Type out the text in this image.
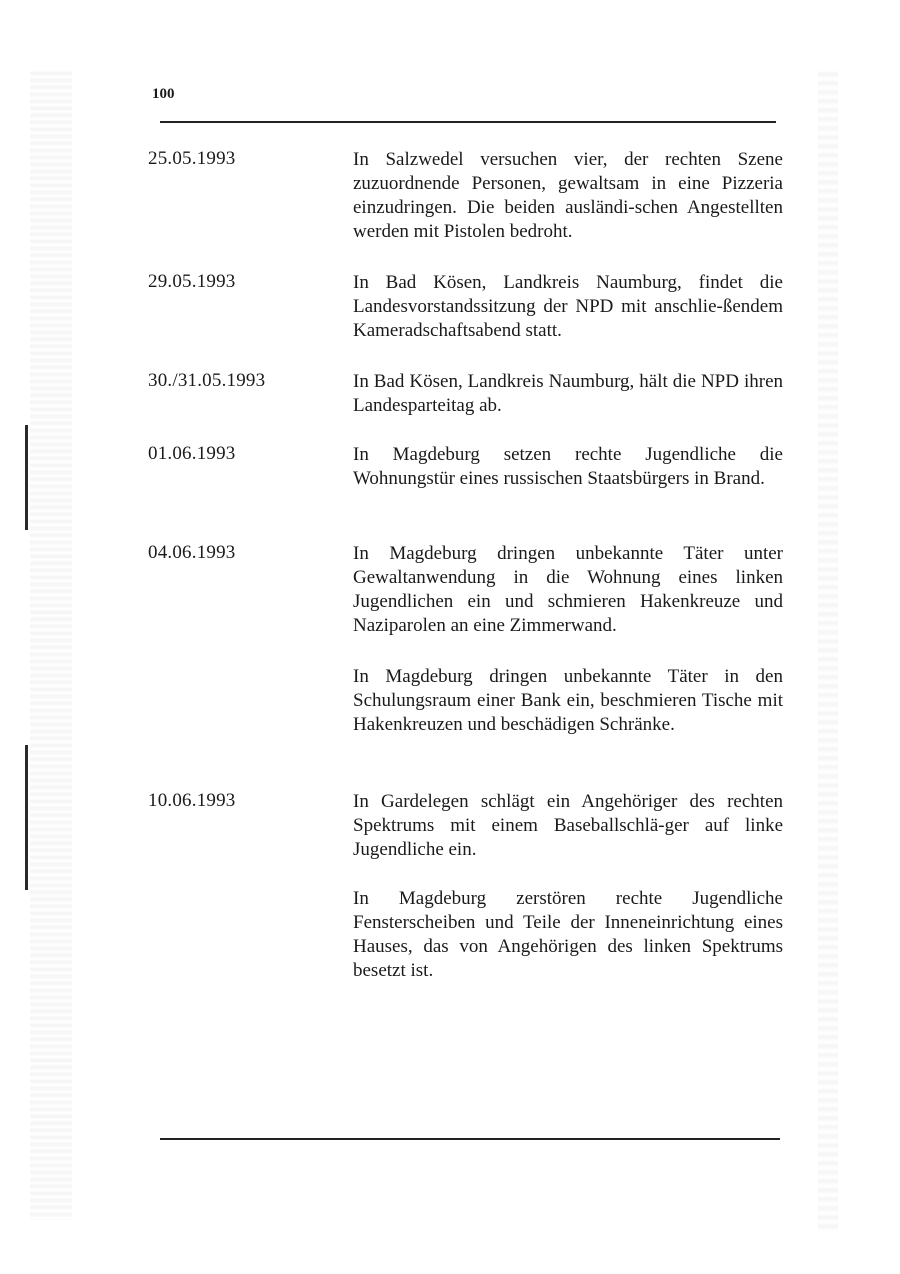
100
25.05.1993	In Salzwedel versuchen vier, der rechten Szene zuzuordnende Personen, gewaltsam in eine Pizzeria einzudringen. Die beiden ausländi-schen Angestellten werden mit Pistolen bedroht.
29.05.1993	In Bad Kösen, Landkreis Naumburg, findet die Landesvorstandssitzung der NPD mit anschlie-ßendem Kameradschaftsabend statt.
30./31.05.1993	In Bad Kösen, Landkreis Naumburg, hält die NPD ihren Landesparteitag ab.
01.06.1993	In Magdeburg setzen rechte Jugendliche die Wohnungstür eines russischen Staatsbürgers in Brand.
04.06.1993	In Magdeburg dringen unbekannte Täter unter Gewaltanwendung in die Wohnung eines linken Jugendlichen ein und schmieren Hakenkreuze und Naziparolen an eine Zimmerwand.
In Magdeburg dringen unbekannte Täter in den Schulungsraum einer Bank ein, beschmieren Tische mit Hakenkreuzen und beschädigen Schränke.
10.06.1993	In Gardelegen schlägt ein Angehöriger des rechten Spektrums mit einem Baseballschlä-ger auf linke Jugendliche ein.
In Magdeburg zerstören rechte Jugendliche Fensterscheiben und Teile der Inneneinrichtung eines Hauses, das von Angehörigen des linken Spektrums besetzt ist.
